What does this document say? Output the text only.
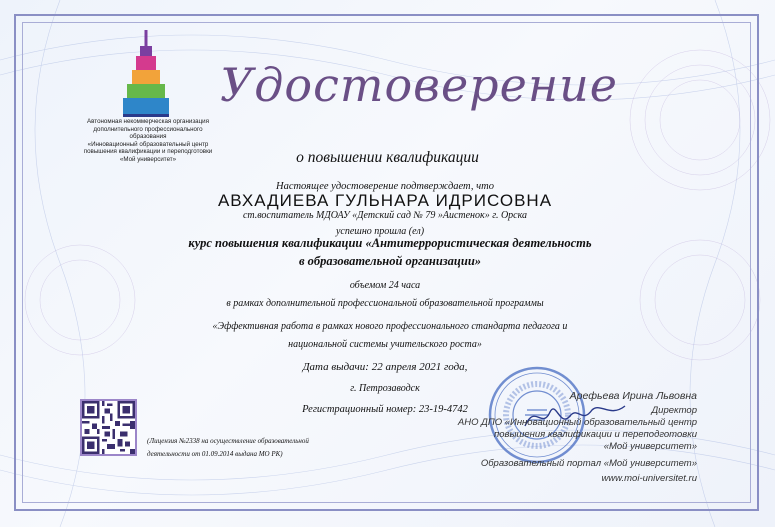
Автономная некоммерческая организация
дополнительного профессионального образования
«Инновационный образовательный центр
повышения квалификации и переподготовки
«Мой университет»
Удостоверение
о повышении квалификации
Настоящее удостоверение подтверждает, что
АВХАДИЕВА ГУЛЬНАРА ИДРИСОВНА
ст.воспитатель МДОАУ «Детский сад № 79 »Аистенок» г. Орска
успешно прошла (ел)
курс повышения квалификации «Антитеррористическая деятельность
в образовательной организации»
объемом 24 часа
в рамках дополнительной профессиональной образовательной программы
«Эффективная работа в рамках нового профессионального стандарта педагога и
национальной системы учительского роста»
Дата выдачи: 22 апреля 2021 года,
г. Петрозаводск
Регистрационный номер: 23-19-4742
(Лицензия №2338 на осуществление образовательной
деятельности от 01.09.2014 выдана МО РК)
Арефьева Ирина Львовна
Директор
АНО ДПО «Инновационный образовательный центр
повышения квалификации и переподготовки
«Мой университет»
Образовательный портал «Мой университет»
www.moi-universitet.ru
